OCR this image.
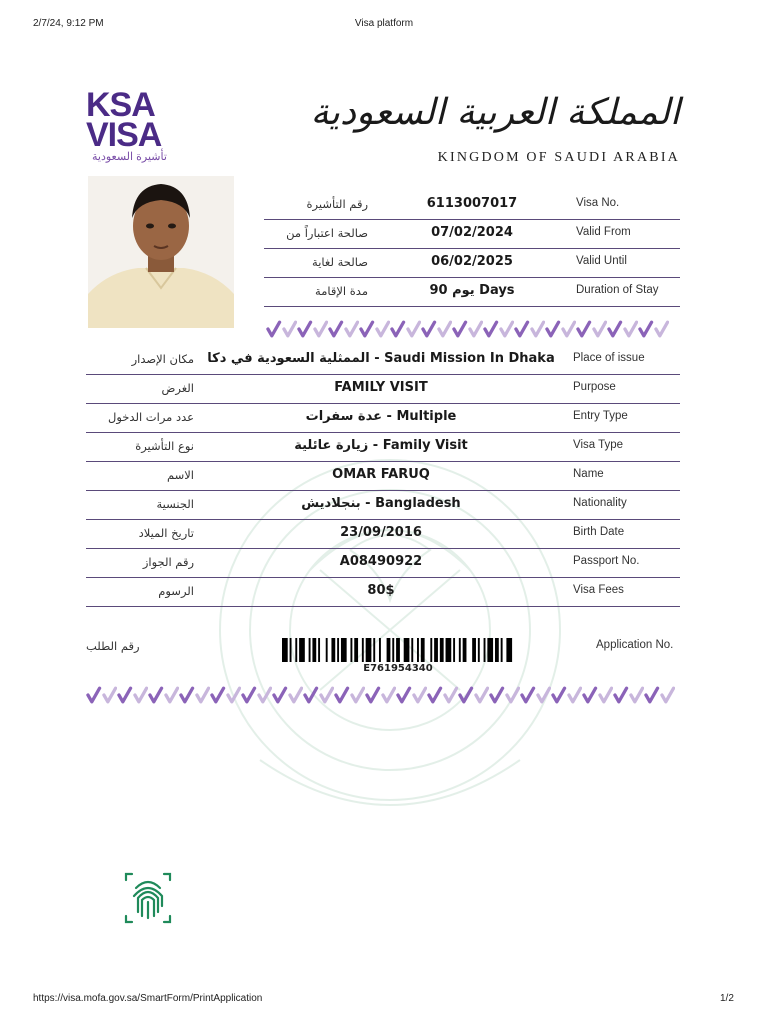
2/7/24, 9:12 PM	Visa platform
https://visa.mofa.gov.sa/SmartForm/PrintApplication	1/2
KSA
VISA
تأشيرة السعودية
المملكة العربية السعودية
KINGDOM OF SAUDI ARABIA
رقم التأشيرة	6113007017	Visa No.
صالحة اعتباراً من	07/02/2024	Valid From
صالحة لغاية	06/02/2025	Valid Until
مدة الإقامة	90 يوم Days	Duration of Stay
مكان الإصدار	الممثلية السعودية في دكا - Saudi Mission In Dhaka	Place of issue
الغرض	FAMILY VISIT	Purpose
عدد مرات الدخول	عدة سفرات - Multiple	Entry Type
نوع التأشيرة	زيارة عائلية - Family Visit	Visa Type
الاسم	OMAR FARUQ	Name
الجنسية	بنجلاديش - Bangladesh	Nationality
تاريخ الميلاد	23/09/2016	Birth Date
رقم الجواز	A08490922	Passport No.
الرسوم	80$	Visa Fees
رقم الطلب	Application No.
E761954340
